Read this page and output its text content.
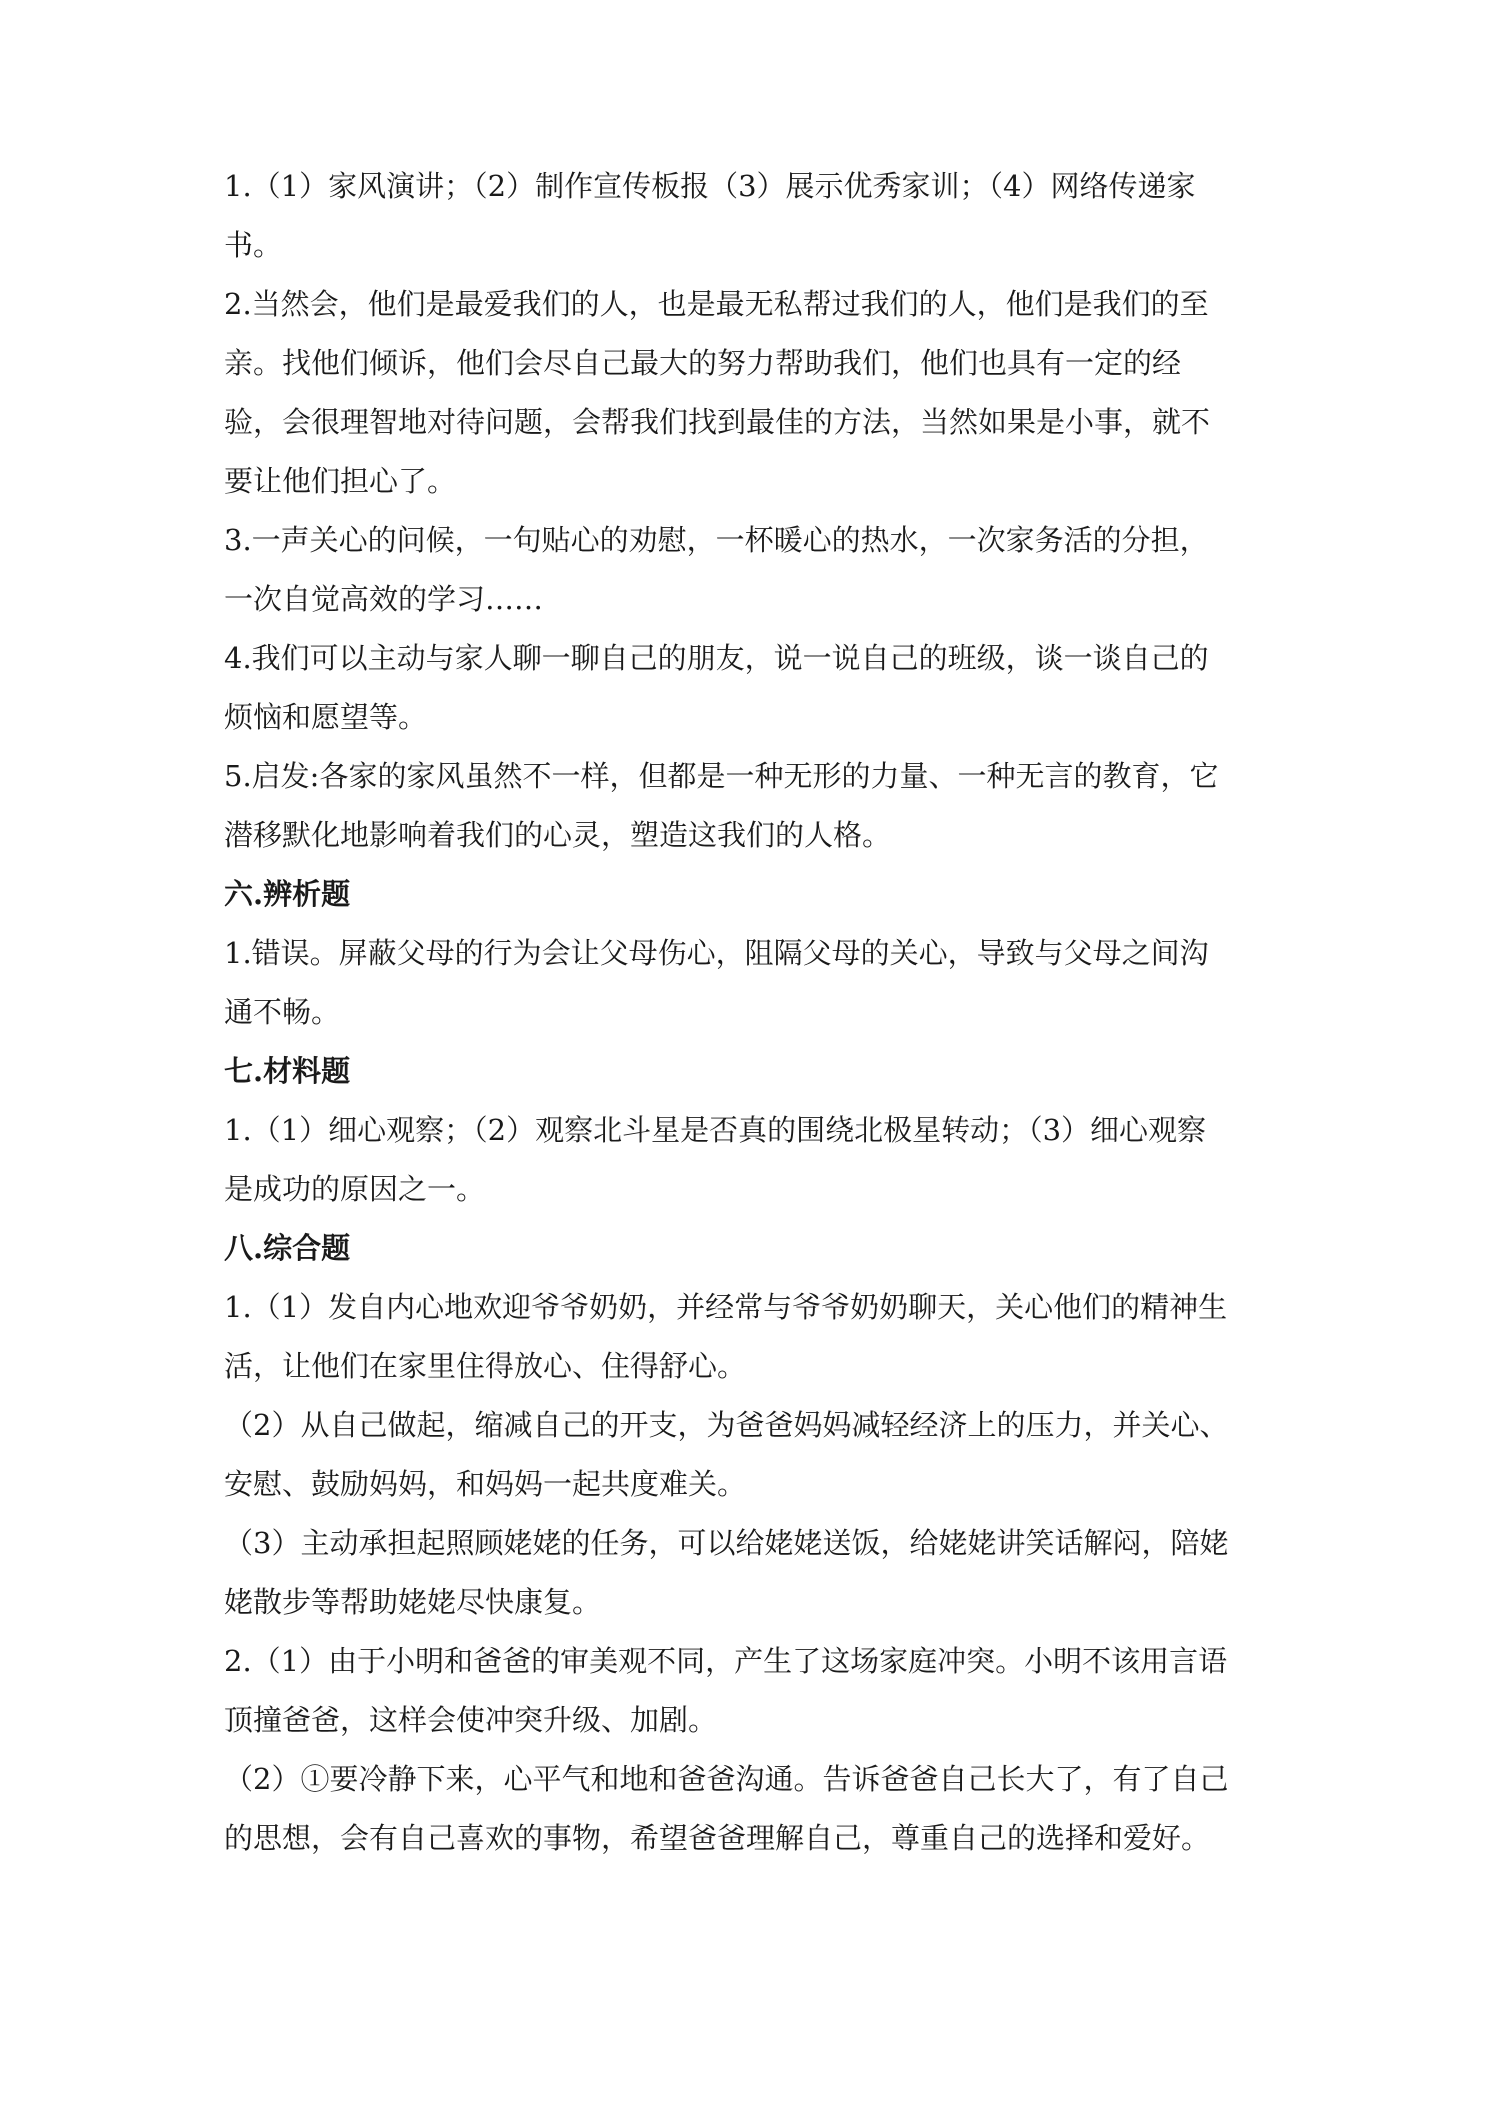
1.（1）家风演讲；（2）制作宣传板报（3）展示优秀家训；（4）网络传递家
书。
2.当然会，他们是最爱我们的人，也是最无私帮过我们的人，他们是我们的至
亲。找他们倾诉，他们会尽自己最大的努力帮助我们，他们也具有一定的经
验，会很理智地对待问题，会帮我们找到最佳的方法，当然如果是小事，就不
要让他们担心了。
3.一声关心的问候，一句贴心的劝慰，一杯暖心的热水，一次家务活的分担，
一次自觉高效的学习……
4.我们可以主动与家人聊一聊自己的朋友，说一说自己的班级，谈一谈自己的
烦恼和愿望等。
5.启发:各家的家风虽然不一样，但都是一种无形的力量、一种无言的教育，它
潜移默化地影响着我们的心灵，塑造这我们的人格。
六.辨析题
1.错误。屏蔽父母的行为会让父母伤心，阻隔父母的关心，导致与父母之间沟
通不畅。
七.材料题
1.（1）细心观察；（2）观察北斗星是否真的围绕北极星转动；（3）细心观察
是成功的原因之一。
八.综合题
1.（1）发自内心地欢迎爷爷奶奶，并经常与爷爷奶奶聊天，关心他们的精神生
活，让他们在家里住得放心、住得舒心。
（2）从自己做起，缩减自己的开支，为爸爸妈妈减轻经济上的压力，并关心、
安慰、鼓励妈妈，和妈妈一起共度难关。
（3）主动承担起照顾姥姥的任务，可以给姥姥送饭，给姥姥讲笑话解闷，陪姥
姥散步等帮助姥姥尽快康复。
2.（1）由于小明和爸爸的审美观不同，产生了这场家庭冲突。小明不该用言语
顶撞爸爸，这样会使冲突升级、加剧。
（2）①要冷静下来，心平气和地和爸爸沟通。告诉爸爸自己长大了，有了自己
的思想，会有自己喜欢的事物，希望爸爸理解自己，尊重自己的选择和爱好。
